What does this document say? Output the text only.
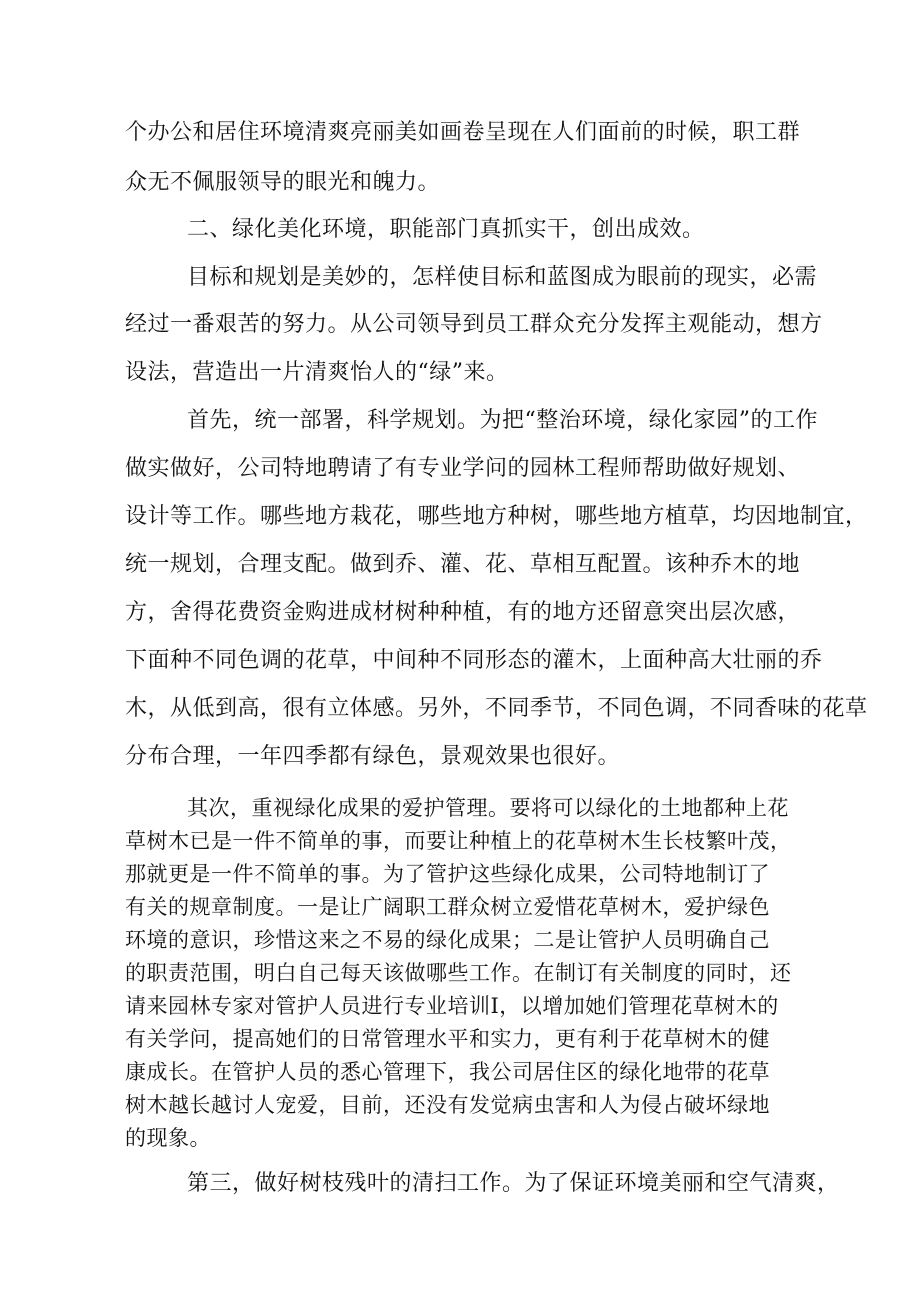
个办公和居住环境清爽亮丽美如画卷呈现在人们面前的时候，职工群

众无不佩服领导的眼光和魄力。

二、绿化美化环境，职能部门真抓实干，创出成效。

目标和规划是美妙的，怎样使目标和蓝图成为眼前的现实，必需

经过一番艰苦的努力。从公司领导到员工群众充分发挥主观能动，想方

设法，营造出一片清爽怡人的“绿”来。

首先，统一部署，科学规划。为把“整治环境，绿化家园”的工作

做实做好，公司特地聘请了有专业学问的园林工程师帮助做好规划、

设计等工作。哪些地方栽花，哪些地方种树，哪些地方植草，均因地制宜，

统一规划，合理支配。做到乔、灌、花、草相互配置。该种乔木的地

方，舍得花费资金购进成材树种种植，有的地方还留意突出层次感，

下面种不同色调的花草，中间种不同形态的灌木，上面种高大壮丽的乔

木，从低到高，很有立体感。另外，不同季节，不同色调，不同香味的花草

分布合理，一年四季都有绿色，景观效果也很好。

其次，重视绿化成果的爱护管理。要将可以绿化的土地都种上花

草树木已是一件不简单的事，而要让种植上的花草树木生长枝繁叶茂，

那就更是一件不简单的事。为了管护这些绿化成果，公司特地制订了

有关的规章制度。一是让广阔职工群众树立爱惜花草树木，爱护绿色

环境的意识，珍惜这来之不易的绿化成果；二是让管护人员明确自己

的职责范围，明白自己每天该做哪些工作。在制订有关制度的同时，还

请来园林专家对管护人员进行专业培训I，以增加她们管理花草树木的

有关学问，提高她们的日常管理水平和实力，更有利于花草树木的健

康成长。在管护人员的悉心管理下，我公司居住区的绿化地带的花草

树木越长越讨人宠爱，目前，还没有发觉病虫害和人为侵占破坏绿地

的现象。

第三，做好树枝残叶的清扫工作。为了保证环境美丽和空气清爽，
